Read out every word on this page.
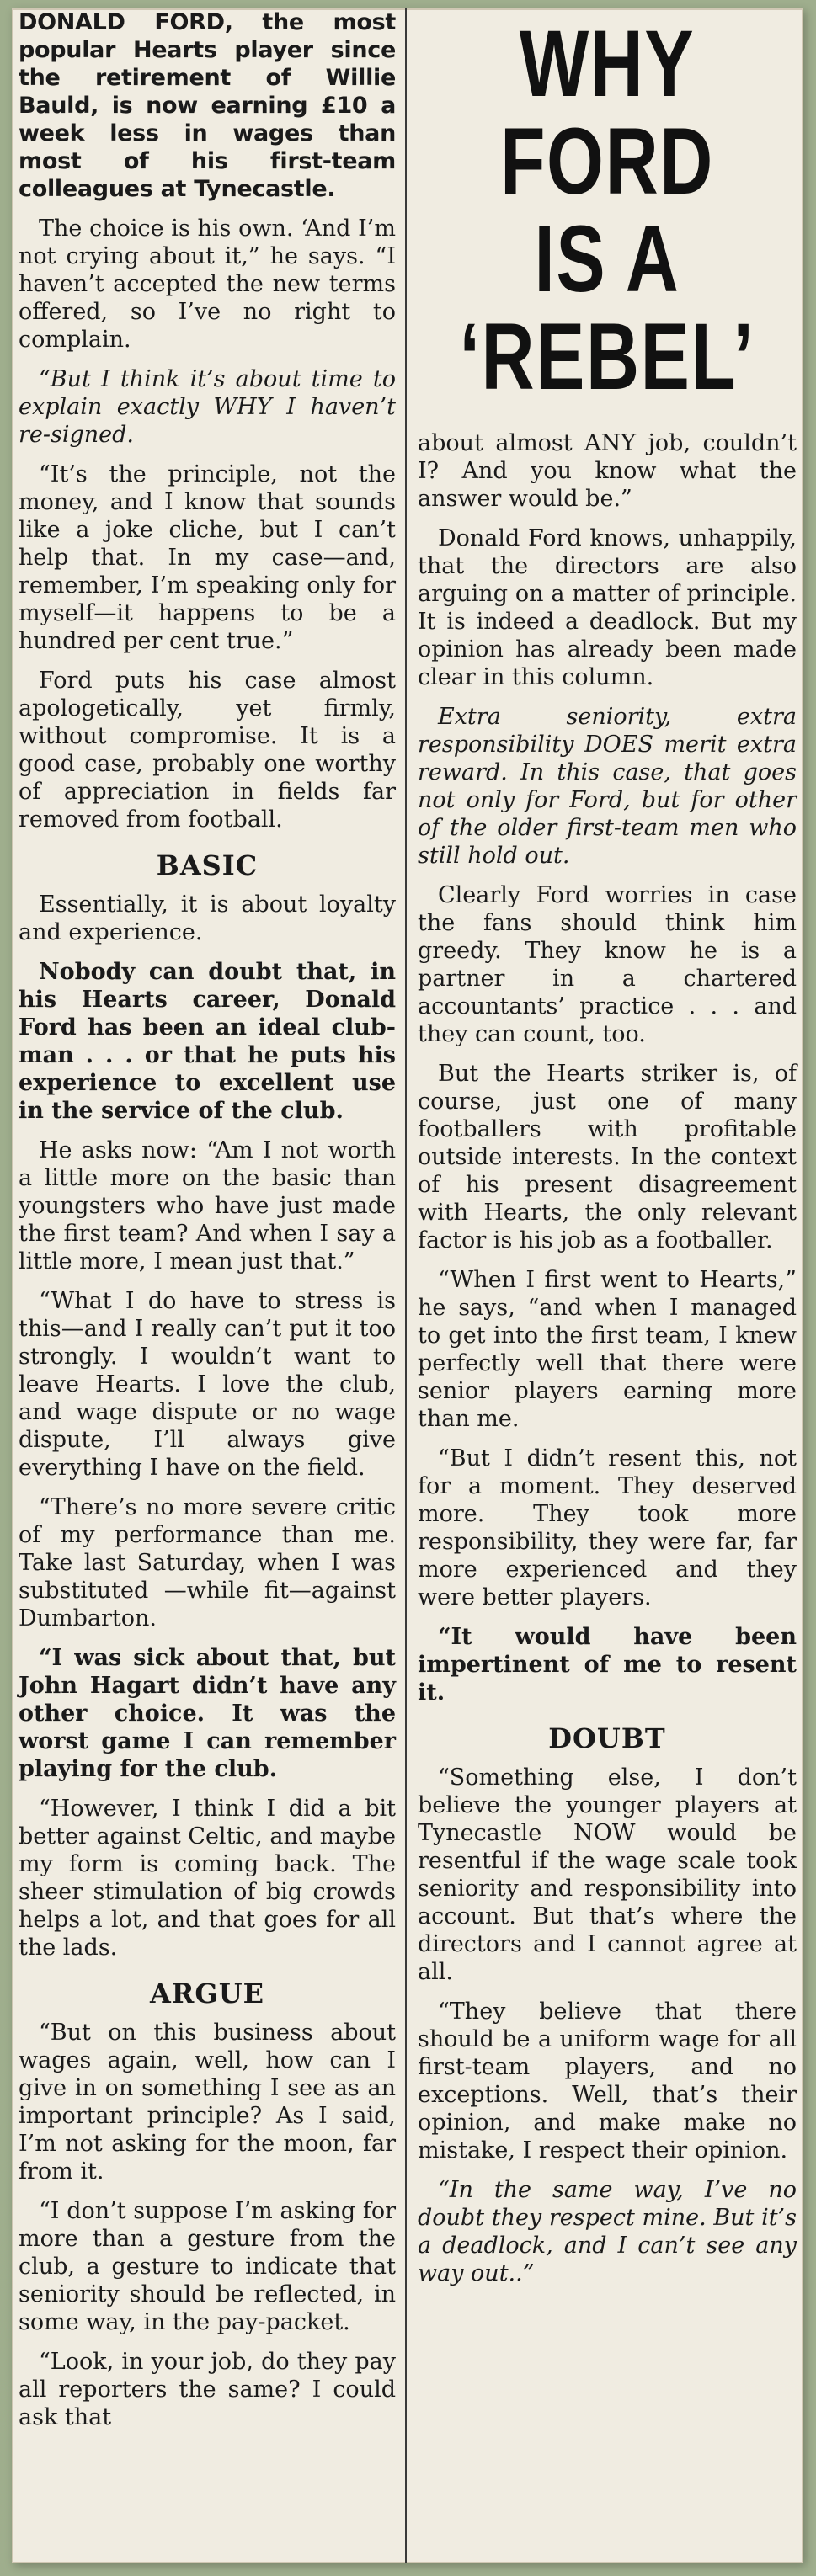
DONALD FORD, the most popular Hearts player since the retirement of Willie Bauld, is now earning £10 a week less in wages than most of his first-team colleagues at Tynecastle.

The choice is his own. ‘And I’m not crying about it,” he says. “I haven’t accepted the new terms offered, so I’ve no right to complain.

“But I think it’s about time to explain exactly WHY I haven’t re-signed.

“It’s the principle, not the money, and I know that sounds like a joke cliche, but I can’t help that. In my case—and, remember, I’m speaking only for myself—it happens to be a hundred per cent true.”

Ford puts his case almost apologetically, yet firmly, without compromise. It is a good case, probably one worthy of appreciation in fields far removed from football.

BASIC

Essentially, it is about loyalty and experience.

Nobody can doubt that, in his Hearts career, Donald Ford has been an ideal club-man . . . or that he puts his experience to excellent use in the service of the club.

He asks now: “Am I not worth a little more on the basic than youngsters who have just made the first team? And when I say a little more, I mean just that.”

“What I do have to stress is this—and I really can’t put it too strongly. I wouldn’t want to leave Hearts. I love the club, and wage dispute or no wage dispute, I’ll always give everything I have on the field.

“There’s no more severe critic of my performance than me. Take last Saturday, when I was substituted —while fit—against Dumbarton.

“I was sick about that, but John Hagart didn’t have any other choice. It was the worst game I can remember playing for the club.

“However, I think I did a bit better against Celtic, and maybe my form is coming back. The sheer stimulation of big crowds helps a lot, and that goes for all the lads.

ARGUE

“But on this business about wages again, well, how can I give in on something I see as an important principle? As I said, I’m not asking for the moon, far from it.

“I don’t suppose I’m asking for more than a gesture from the club, a gesture to indicate that seniority should be reflected, in some way, in the pay-packet.

“Look, in your job, do they pay all reporters the same? I could ask that

WHY
FORD
IS A
‘REBEL’

about almost ANY job, couldn’t I? And you know what the answer would be.”

Donald Ford knows, unhappily, that the directors are also arguing on a matter of principle. It is indeed a deadlock. But my opinion has already been made clear in this column.

Extra seniority, extra responsibility DOES merit extra reward. In this case, that goes not only for Ford, but for other of the older first-team men who still hold out.

Clearly Ford worries in case the fans should think him greedy. They know he is a partner in a chartered accountants’ practice . . . and they can count, too.

But the Hearts striker is, of course, just one of many footballers with profitable outside interests. In the context of his present disagreement with Hearts, the only relevant factor is his job as a footballer.

“When I first went to Hearts,” he says, “and when I managed to get into the first team, I knew perfectly well that there were senior players earning more than me.

“But I didn’t resent this, not for a moment. They deserved more. They took more responsibility, they were far, far more experienced and they were better players.

“It would have been impertinent of me to resent it.

DOUBT

“Something else, I don’t believe the younger players at Tynecastle NOW would be resentful if the wage scale took seniority and responsibility into account. But that’s where the directors and I cannot agree at all.

“They believe that there should be a uniform wage for all first-team players, and no exceptions. Well, that’s their opinion, and make make no mistake, I respect their opinion.

“In the same way, I’ve no doubt they respect mine. But it’s a deadlock, and I can’t see any way out..”
